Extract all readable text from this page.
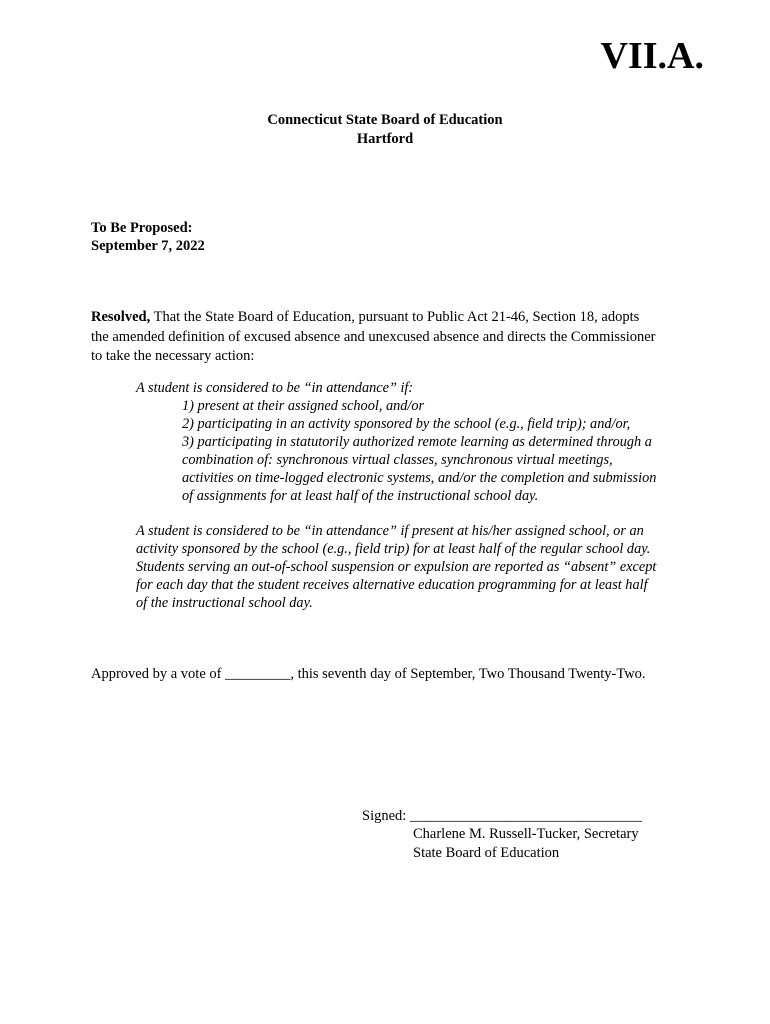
VII.A.
Connecticut State Board of Education
Hartford
To Be Proposed:
September 7, 2022
Resolved, That the State Board of Education, pursuant to Public Act 21-46, Section 18, adopts
the amended definition of excused absence and unexcused absence and directs the Commissioner
to take the necessary action:
A student is considered to be “in attendance” if:
1) present at their assigned school, and/or
2) participating in an activity sponsored by the school (e.g., field trip); and/or,
3) participating in statutorily authorized remote learning as determined through a
combination of: synchronous virtual classes, synchronous virtual meetings,
activities on time-logged electronic systems, and/or the completion and submission
of assignments for at least half of the instructional school day.
A student is considered to be “in attendance” if present at his/her assigned school, or an
activity sponsored by the school (e.g., field trip) for at least half of the regular school day.
Students serving an out-of-school suspension or expulsion are reported as “absent” except
for each day that the student receives alternative education programming for at least half
of the instructional school day.
Approved by a vote of _________, this seventh day of September, Two Thousand Twenty-Two.
Signed: ________________________________
Charlene M. Russell-Tucker, Secretary
State Board of Education
